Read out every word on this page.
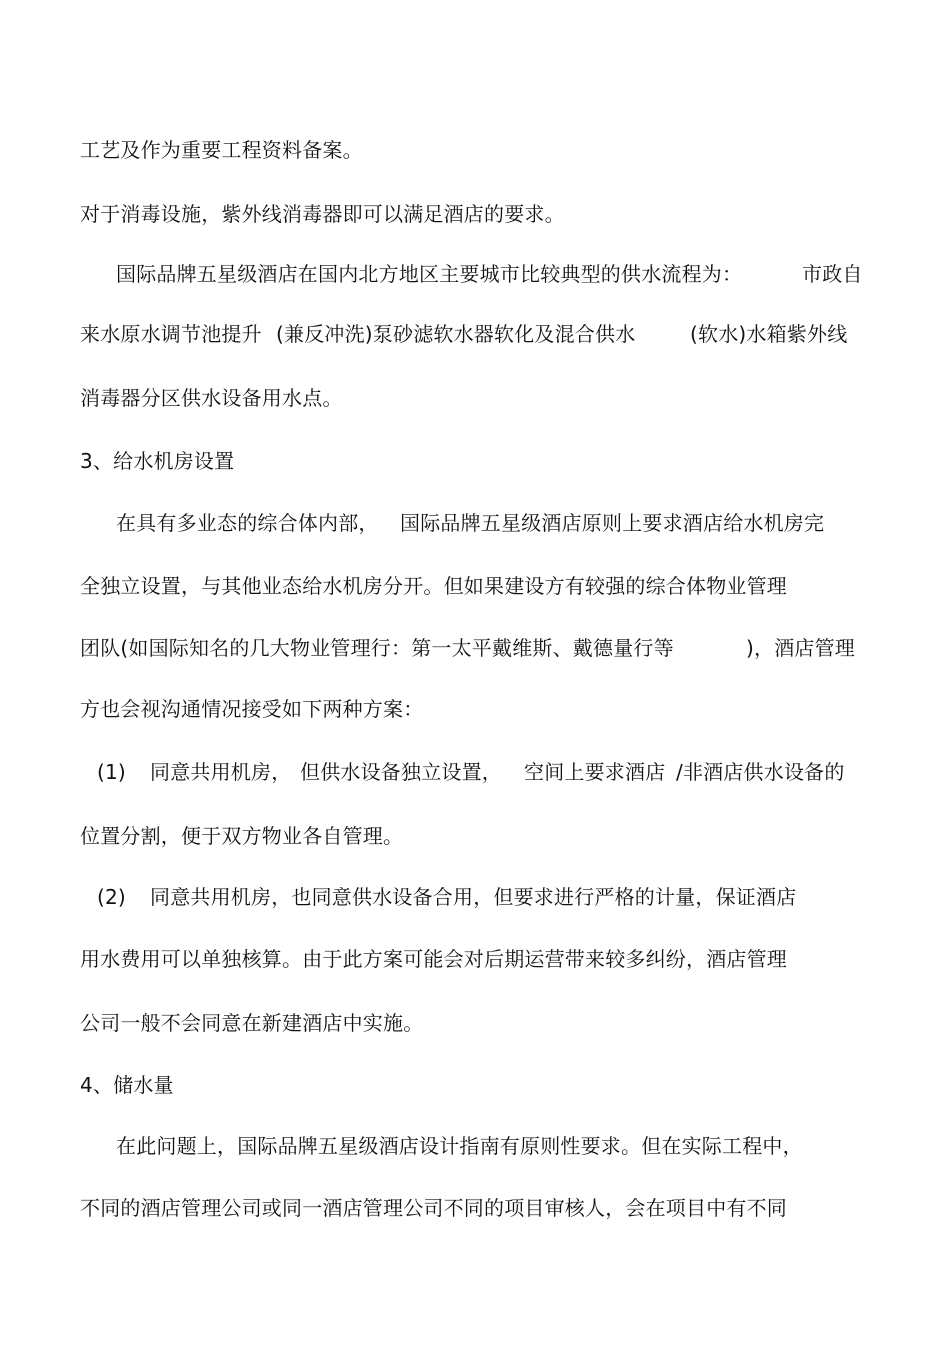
工艺及作为重要工程资料备案。
对于消毒设施，紫外线消毒器即可以满足酒店的要求。
国际品牌五星级酒店在国内北方地区主要城市比较典型的供水流程为：	市政自
来水原水调节池提升 (兼反冲洗)泵砂滤软水器软化及混合供水	(软水)水箱紫外线
消毒器分区供水设备用水点。
3、给水机房设置
在具有多业态的综合体内部， 国际品牌五星级酒店原则上要求酒店给水机房完
全独立设置，与其他业态给水机房分开。但如果建设方有较强的综合体物业管理
团队(如国际知名的几大物业管理行：第一太平戴维斯、戴德量行等	)，酒店管理
方也会视沟通情况接受如下两种方案：
(1) 同意共用机房， 但供水设备独立设置， 空间上要求酒店 /非酒店供水设备的
位置分割，便于双方物业各自管理。
(2) 同意共用机房，也同意供水设备合用，但要求进行严格的计量，保证酒店
用水费用可以单独核算。由于此方案可能会对后期运营带来较多纠纷，酒店管理
公司一般不会同意在新建酒店中实施。
4、储水量
在此问题上，国际品牌五星级酒店设计指南有原则性要求。但在实际工程中，
不同的酒店管理公司或同一酒店管理公司不同的项目审核人，会在项目中有不同
